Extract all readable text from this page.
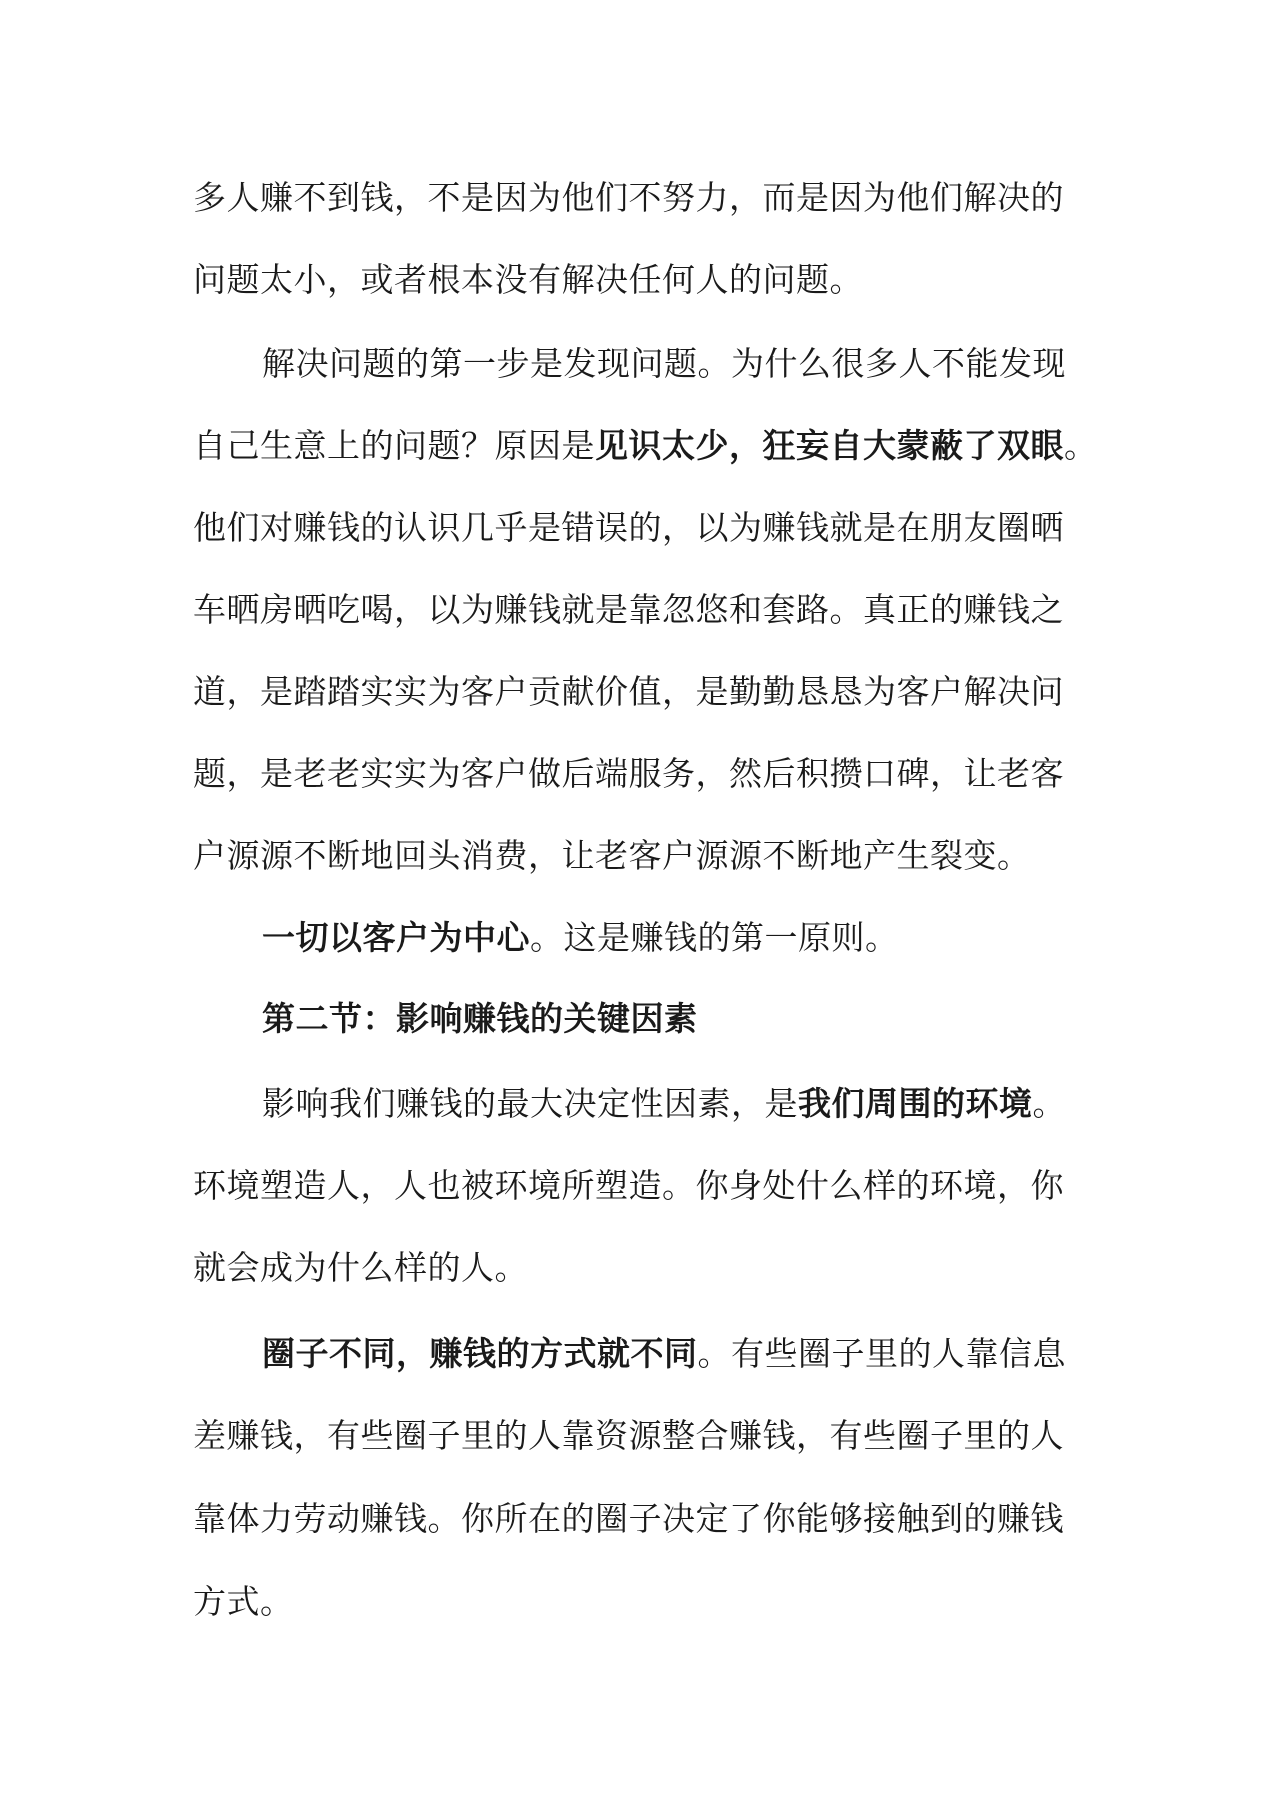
多人赚不到钱，不是因为他们不努力，而是因为他们解决的
问题太小，或者根本没有解决任何人的问题。
解决问题的第一步是发现问题。为什么很多人不能发现
自己生意上的问题？原因是见识太少，狂妄自大蒙蔽了双眼。
他们对赚钱的认识几乎是错误的，以为赚钱就是在朋友圈晒
车晒房晒吃喝，以为赚钱就是靠忽悠和套路。真正的赚钱之
道，是踏踏实实为客户贡献价值，是勤勤恳恳为客户解决问
题，是老老实实为客户做后端服务，然后积攒口碑，让老客
户源源不断地回头消费，让老客户源源不断地产生裂变。
一切以客户为中心。这是赚钱的第一原则。
第二节：影响赚钱的关键因素
影响我们赚钱的最大决定性因素，是我们周围的环境。
环境塑造人，人也被环境所塑造。你身处什么样的环境，你
就会成为什么样的人。
圈子不同，赚钱的方式就不同。有些圈子里的人靠信息
差赚钱，有些圈子里的人靠资源整合赚钱，有些圈子里的人
靠体力劳动赚钱。你所在的圈子决定了你能够接触到的赚钱
方式。
